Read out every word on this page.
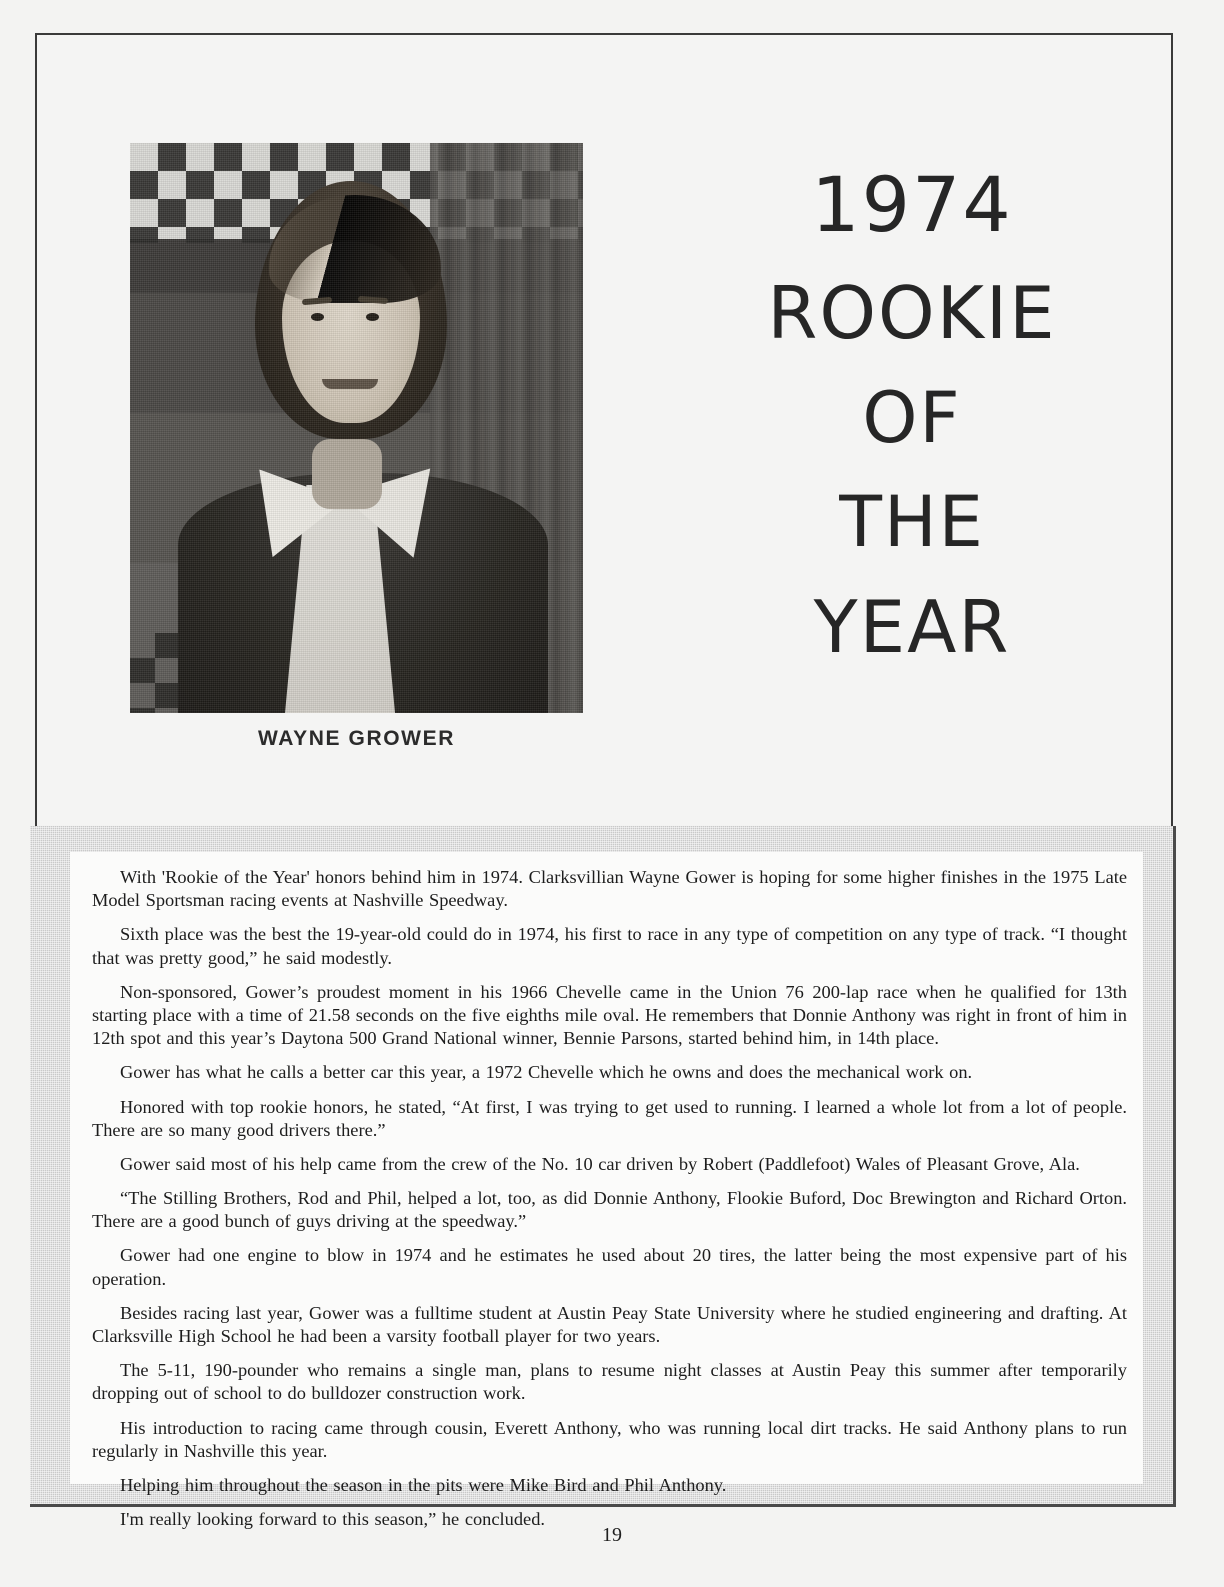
WAYNE GROWER
1974
ROOKIE
OF
THE
YEAR

With 'Rookie of the Year' honors behind him in 1974. Clarksvillian Wayne Gower is hoping for some higher finishes in the 1975 Late Model Sportsman racing events at Nashville Speedway.

Sixth place was the best the 19-year-old could do in 1974, his first to race in any type of competition on any type of track. “I thought that was pretty good,” he said modestly.

Non-sponsored, Gower’s proudest moment in his 1966 Chevelle came in the Union 76 200-lap race when he qualified for 13th starting place with a time of 21.58 seconds on the five eighths mile oval. He remembers that Donnie Anthony was right in front of him in 12th spot and this year’s Daytona 500 Grand National winner, Bennie Parsons, started behind him, in 14th place.

Gower has what he calls a better car this year, a 1972 Chevelle which he owns and does the mechanical work on.

Honored with top rookie honors, he stated, “At first, I was trying to get used to running. I learned a whole lot from a lot of people. There are so many good drivers there.”

Gower said most of his help came from the crew of the No. 10 car driven by Robert (Paddlefoot) Wales of Pleasant Grove, Ala.

“The Stilling Brothers, Rod and Phil, helped a lot, too, as did Donnie Anthony, Flookie Buford, Doc Brewington and Richard Orton. There are a good bunch of guys driving at the speedway.”

Gower had one engine to blow in 1974 and he estimates he used about 20 tires, the latter being the most expensive part of his operation.

Besides racing last year, Gower was a fulltime student at Austin Peay State University where he studied engineering and drafting. At Clarksville High School he had been a varsity football player for two years.

The 5-11, 190-pounder who remains a single man, plans to resume night classes at Austin Peay this summer after temporarily dropping out of school to do bulldozer construction work.

His introduction to racing came through cousin, Everett Anthony, who was running local dirt tracks. He said Anthony plans to run regularly in Nashville this year.

Helping him throughout the season in the pits were Mike Bird and Phil Anthony.

I'm really looking forward to this season,” he concluded.

19
